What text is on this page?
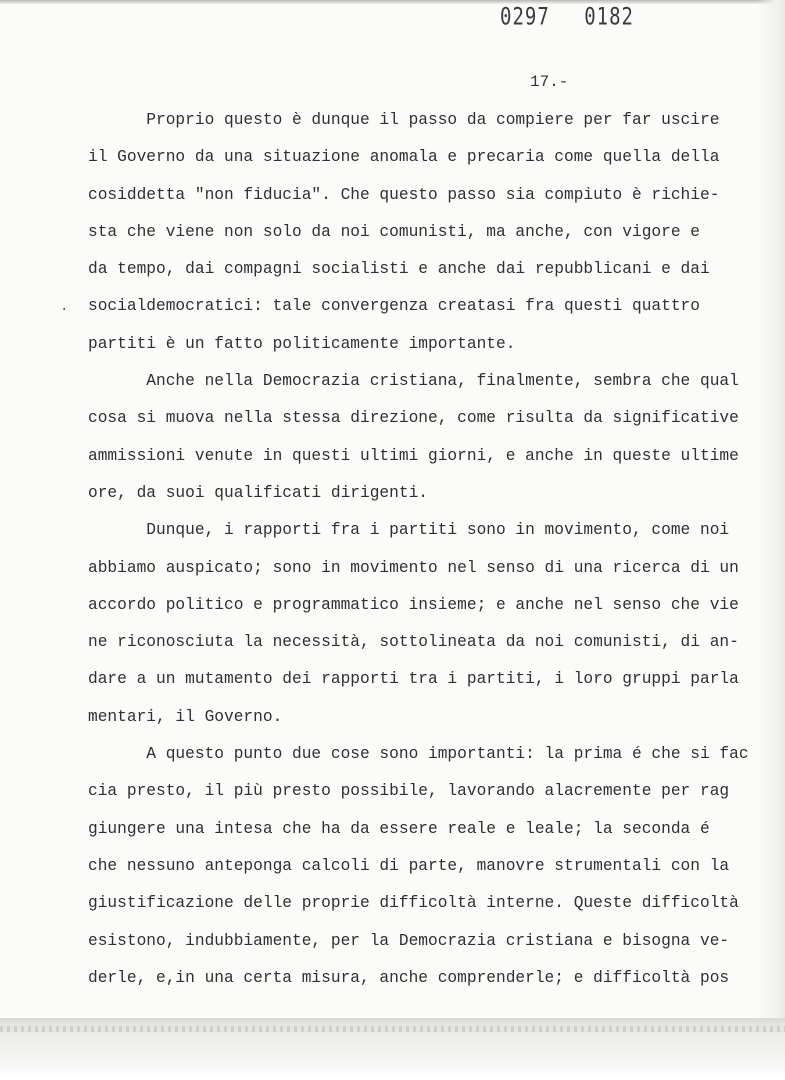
0297 0182
17.-
·
Proprio questo è dunque il passo da compiere per far uscire
il Governo da una situazione anomala e precaria come quella della
cosiddetta "non fiducia". Che questo passo sia compiuto è richie-
sta che viene non solo da noi comunisti, ma anche, con vigore e
da tempo, dai compagni socialisti e anche dai repubblicani e dai
socialdemocratici: tale convergenza creatasi fra questi quattro
partiti è un fatto politicamente importante.
Anche nella Democrazia cristiana, finalmente, sembra che qual
cosa si muova nella stessa direzione, come risulta da significative
ammissioni venute in questi ultimi giorni, e anche in queste ultime
ore, da suoi qualificati dirigenti.
Dunque, i rapporti fra i partiti sono in movimento, come noi
abbiamo auspicato; sono in movimento nel senso di una ricerca di un
accordo politico e programmatico insieme; e anche nel senso che vie
ne riconosciuta la necessità, sottolineata da noi comunisti, di an-
dare a un mutamento dei rapporti tra i partiti, i loro gruppi parla
mentari, il Governo.
A questo punto due cose sono importanti: la prima é che si fac
cia presto, il più presto possibile, lavorando alacremente per rag
giungere una intesa che ha da essere reale e leale; la seconda é
che nessuno anteponga calcoli di parte, manovre strumentali con la
giustificazione delle proprie difficoltà interne. Queste difficoltà
esistono, indubbiamente, per la Democrazia cristiana e bisogna ve-
derle, e,in una certa misura, anche comprenderle; e difficoltà pos
